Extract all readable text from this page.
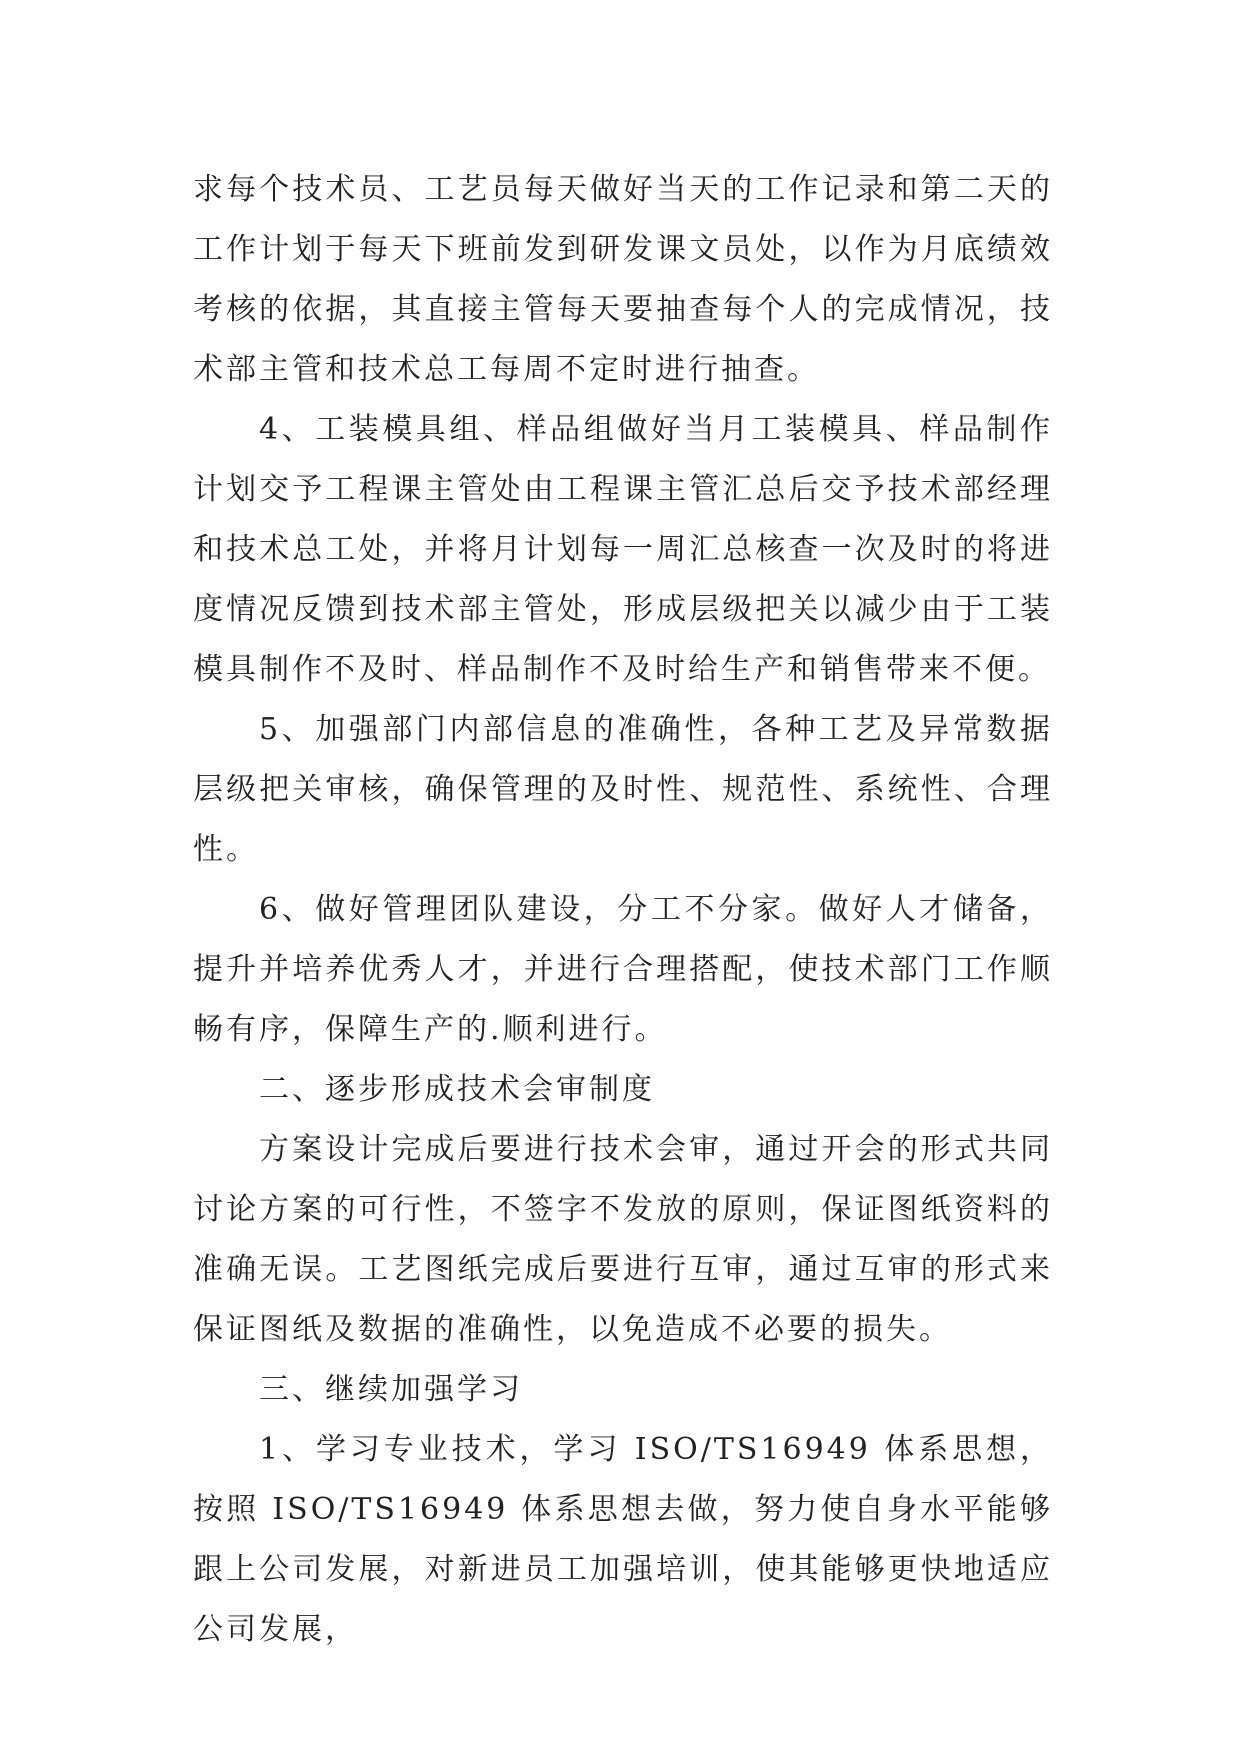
求每个技术员、工艺员每天做好当天的工作记录和第二天的工作计划于每天下班前发到研发课文员处，以作为月底绩效考核的依据，其直接主管每天要抽查每个人的完成情况，技术部主管和技术总工每周不定时进行抽查。

4、工装模具组、样品组做好当月工装模具、样品制作计划交予工程课主管处由工程课主管汇总后交予技术部经理和技术总工处，并将月计划每一周汇总核查一次及时的将进度情况反馈到技术部主管处，形成层级把关以减少由于工装模具制作不及时、样品制作不及时给生产和销售带来不便。

5、加强部门内部信息的准确性，各种工艺及异常数据层级把关审核，确保管理的及时性、规范性、系统性、合理性。

6、做好管理团队建设，分工不分家。做好人才储备，提升并培养优秀人才，并进行合理搭配，使技术部门工作顺畅有序，保障生产的.顺利进行。

二、逐步形成技术会审制度

方案设计完成后要进行技术会审，通过开会的形式共同讨论方案的可行性，不签字不发放的原则，保证图纸资料的准确无误。工艺图纸完成后要进行互审，通过互审的形式来保证图纸及数据的准确性，以免造成不必要的损失。

三、继续加强学习

1、学习专业技术，学习 ISO/TS16949 体系思想，按照 ISO/TS16949 体系思想去做，努力使自身水平能够跟上公司发展，对新进员工加强培训，使其能够更快地适应公司发展，
